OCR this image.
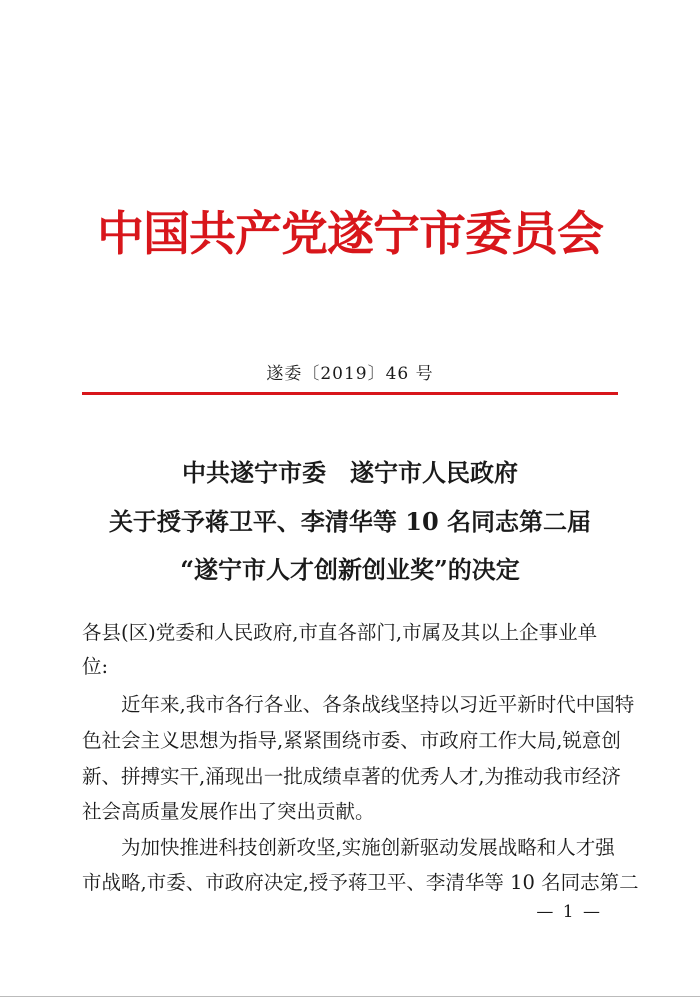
中国共产党遂宁市委员会
遂委〔2019〕46 号
中共遂宁市委　遂宁市人民政府
关于授予蒋卫平、李清华等 10 名同志第二届
“遂宁市人才创新创业奖”的决定
各县(区)党委和人民政府,市直各部门,市属及其以上企事业单
位:
近年来,我市各行各业、各条战线坚持以习近平新时代中国特
色社会主义思想为指导,紧紧围绕市委、市政府工作大局,锐意创
新、拼搏实干,涌现出一批成绩卓著的优秀人才,为推动我市经济
社会高质量发展作出了突出贡献。
为加快推进科技创新攻坚,实施创新驱动发展战略和人才强
市战略,市委、市政府决定,授予蒋卫平、李清华等 10 名同志第二
— 1 —
